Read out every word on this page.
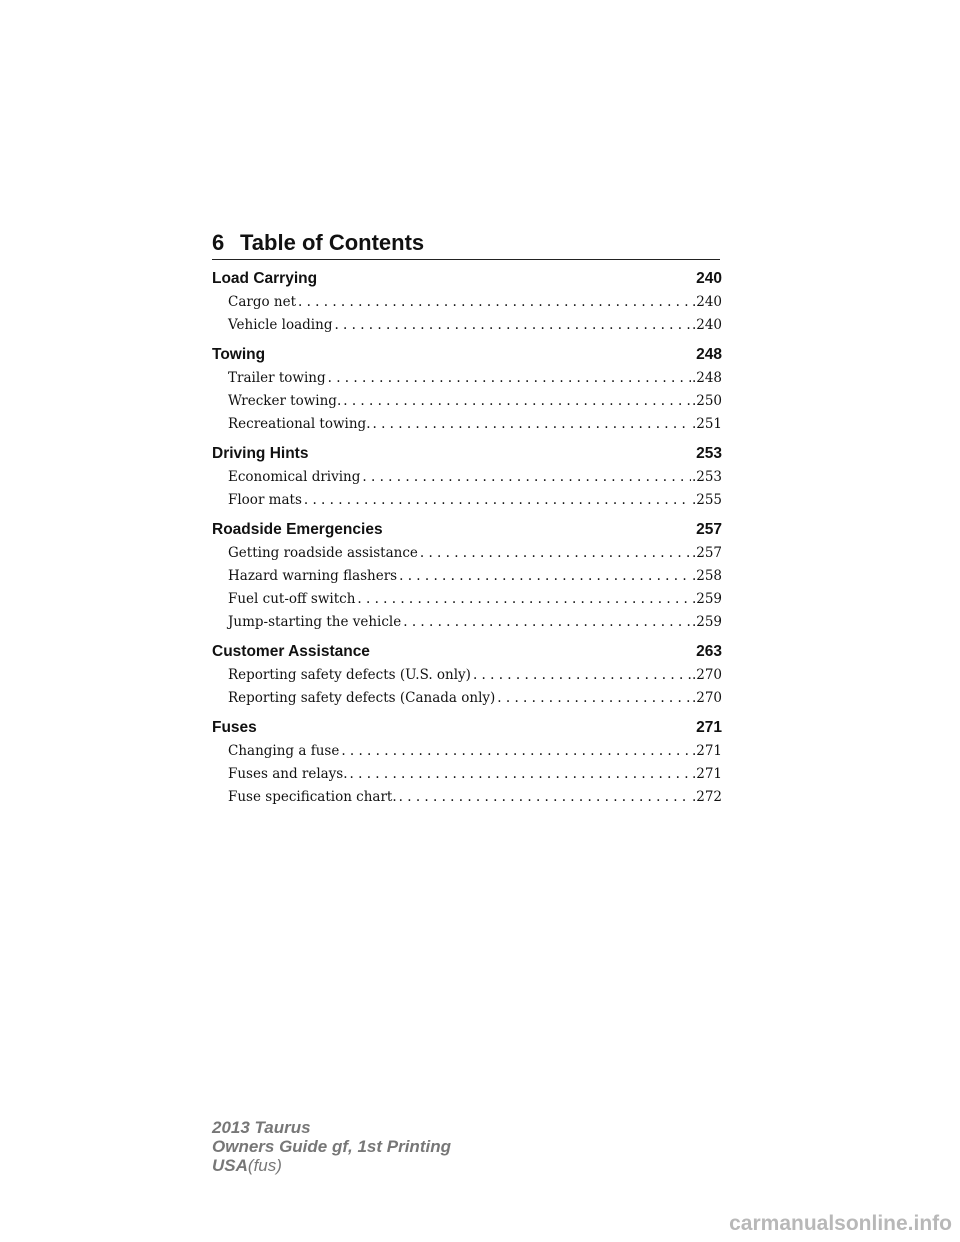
6 Table of Contents
Load Carrying	240
Cargo net . . .	.240
Vehicle loading . . .	.240
Towing	248
Trailer towing . . .	.248
Wrecker towing. . . .	.250
Recreational towing. . . .	.251
Driving Hints	253
Economical driving . . .	.253
Floor mats . . .	.255
Roadside Emergencies	257
Getting roadside assistance . . .	.257
Hazard warning flashers . . .	.258
Fuel cut-off switch . . .	.259
Jump-starting the vehicle . . .	.259
Customer Assistance	263
Reporting safety defects (U.S. only) . . .	.270
Reporting safety defects (Canada only) . . .	.270
Fuses	271
Changing a fuse . . .	.271
Fuses and relays. . . .	.271
Fuse specification chart. . . .	.272
2013 Taurus
Owners Guide gf, 1st Printing
USA(fus)
carmanualsonline.info
